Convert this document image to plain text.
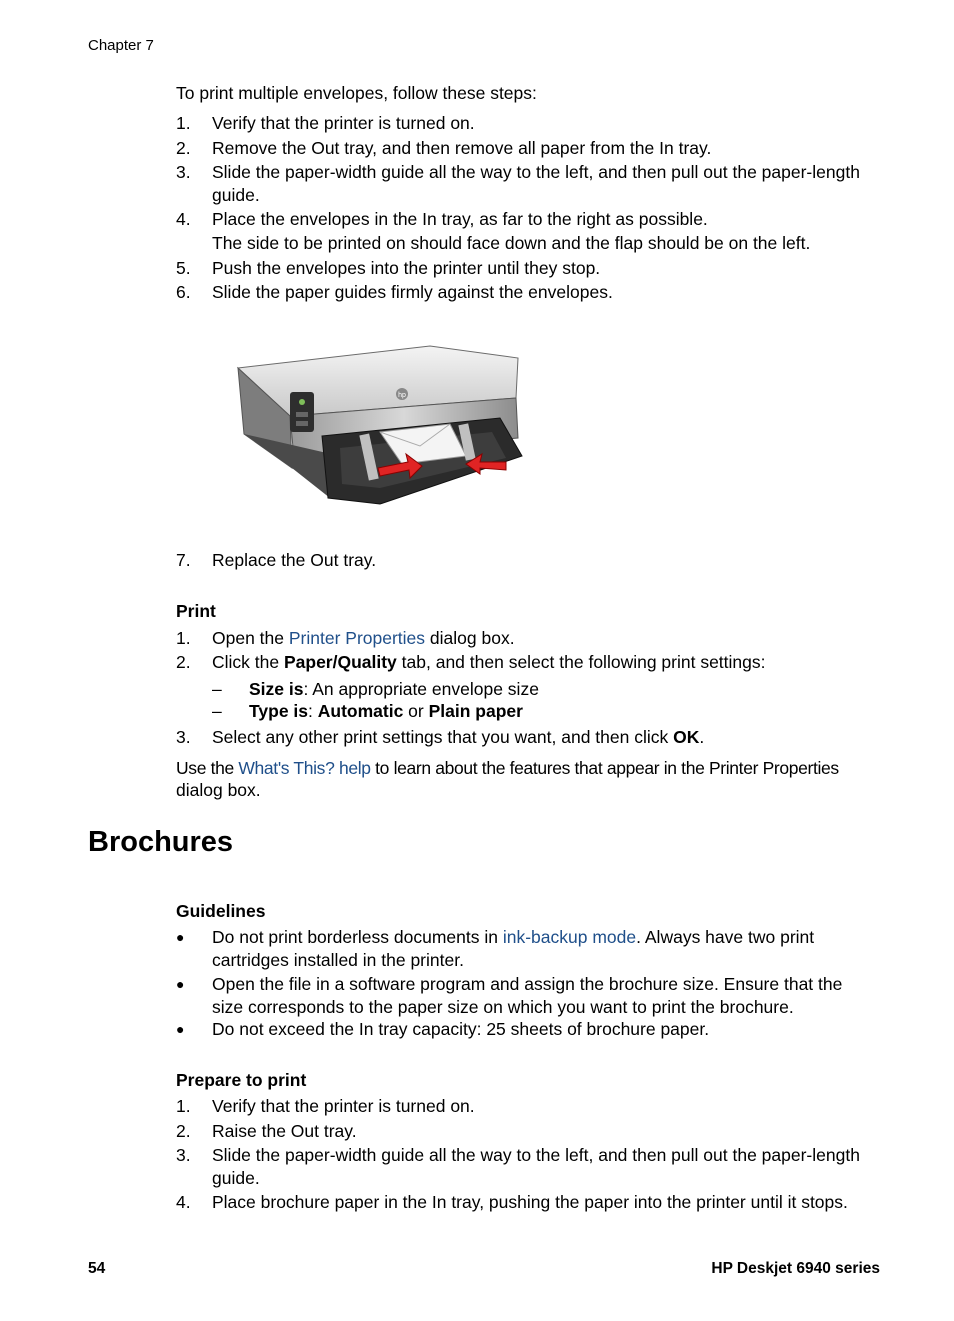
Chapter 7
To print multiple envelopes, follow these steps:
1. Verify that the printer is turned on.
2. Remove the Out tray, and then remove all paper from the In tray.
3. Slide the paper-width guide all the way to the left, and then pull out the paper-length
guide.
4. Place the envelopes in the In tray, as far to the right as possible.
The side to be printed on should face down and the flap should be on the left.
5. Push the envelopes into the printer until they stop.
6. Slide the paper guides firmly against the envelopes.
hp
7. Replace the Out tray.
Print
1. Open the Printer Properties dialog box.
2. Click the Paper/Quality tab, and then select the following print settings:
– Size is: An appropriate envelope size
– Type is: Automatic or Plain paper
3. Select any other print settings that you want, and then click OK.
Use the What's This? help to learn about the features that appear in the Printer Properties
dialog box.
Brochures
Guidelines
● Do not print borderless documents in ink-backup mode. Always have two print
cartridges installed in the printer.
● Open the file in a software program and assign the brochure size. Ensure that the
size corresponds to the paper size on which you want to print the brochure.
● Do not exceed the In tray capacity: 25 sheets of brochure paper.
Prepare to print
1. Verify that the printer is turned on.
2. Raise the Out tray.
3. Slide the paper-width guide all the way to the left, and then pull out the paper-length
guide.
4. Place brochure paper in the In tray, pushing the paper into the printer until it stops.
54	HP Deskjet 6940 series
